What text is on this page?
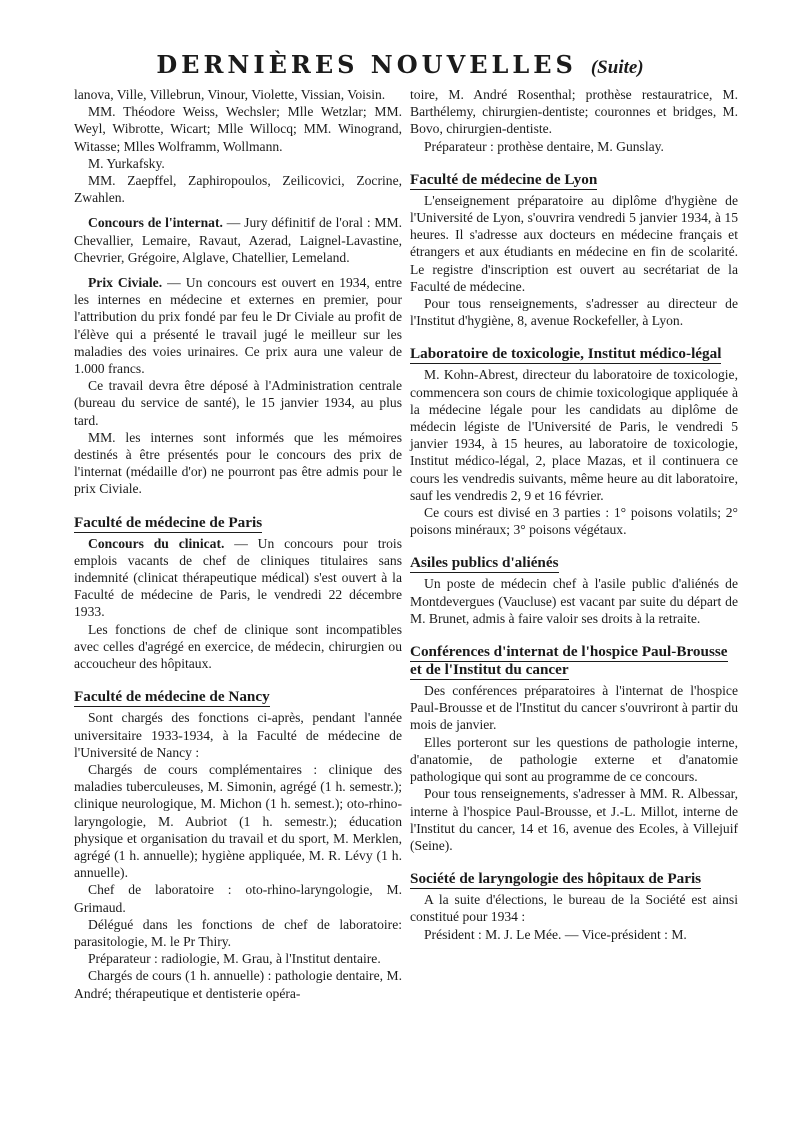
DERNIÈRES NOUVELLES (Suite)

lanova, Ville, Villebrun, Vinour, Violette, Vissian, Voisin.

MM. Théodore Weiss, Wechsler; Mlle Wetzlar; MM. Weyl, Wibrotte, Wicart; Mlle Willocq; MM. Winogrand, Witasse; Mlles Wolframm, Wollmann.

M. Yurkafsky.

MM. Zaepffel, Zaphiropoulos, Zeilicovici, Zocrine, Zwahlen.

Concours de l'internat. — Jury définitif de l'oral : MM. Chevallier, Lemaire, Ravaut, Azerad, Laignel-Lavastine, Chevrier, Grégoire, Alglave, Chatellier, Lemeland.

Prix Civiale. — Un concours est ouvert en 1934, entre les internes en médecine et externes en premier, pour l'attribution du prix fondé par feu le Dr Civiale au profit de l'élève qui a présenté le travail jugé le meilleur sur les maladies des voies urinaires. Ce prix aura une valeur de 1.000 francs.

Ce travail devra être déposé à l'Administration centrale (bureau du service de santé), le 15 janvier 1934, au plus tard.

MM. les internes sont informés que les mémoires destinés à être présentés pour le concours des prix de l'internat (médaille d'or) ne pourront pas être admis pour le prix Civiale.

Faculté de médecine de Paris

Concours du clinicat. — Un concours pour trois emplois vacants de chef de cliniques titulaires sans indemnité (clinicat thérapeutique médical) s'est ouvert à la Faculté de médecine de Paris, le vendredi 22 décembre 1933.

Les fonctions de chef de clinique sont incompatibles avec celles d'agrégé en exercice, de médecin, chirurgien ou accoucheur des hôpitaux.

Faculté de médecine de Nancy

Sont chargés des fonctions ci-après, pendant l'année universitaire 1933-1934, à la Faculté de médecine de l'Université de Nancy :

Chargés de cours complémentaires : clinique des maladies tuberculeuses, M. Simonin, agrégé (1 h. semestr.); clinique neurologique, M. Michon (1 h. semest.); oto-rhino-laryngologie, M. Aubriot (1 h. semestr.); éducation physique et organisation du travail et du sport, M. Merklen, agrégé (1 h. annuelle); hygiène appliquée, M. R. Lévy (1 h. annuelle).

Chef de laboratoire : oto-rhino-laryngologie, M. Grimaud.

Délégué dans les fonctions de chef de laboratoire: parasitologie, M. le Pr Thiry.

Préparateur : radiologie, M. Grau, à l'Institut dentaire.

Chargés de cours (1 h. annuelle) : pathologie dentaire, M. André; thérapeutique et dentisterie opéra-

toire, M. André Rosenthal; prothèse restauratrice, M. Barthélemy, chirurgien-dentiste; couronnes et bridges, M. Bovo, chirurgien-dentiste.

Préparateur : prothèse dentaire, M. Gunslay.

Faculté de médecine de Lyon

L'enseignement préparatoire au diplôme d'hygiène de l'Université de Lyon, s'ouvrira vendredi 5 janvier 1934, à 15 heures. Il s'adresse aux docteurs en médecine français et étrangers et aux étudiants en médecine en fin de scolarité. Le registre d'inscription est ouvert au secrétariat de la Faculté de médecine.

Pour tous renseignements, s'adresser au directeur de l'Institut d'hygiène, 8, avenue Rockefeller, à Lyon.

Laboratoire de toxicologie, Institut médico-légal

M. Kohn-Abrest, directeur du laboratoire de toxicologie, commencera son cours de chimie toxicologique appliquée à la médecine légale pour les candidats au diplôme de médecin légiste de l'Université de Paris, le vendredi 5 janvier 1934, à 15 heures, au laboratoire de toxicologie, Institut médico-légal, 2, place Mazas, et il continuera ce cours les vendredis suivants, même heure au dit laboratoire, sauf les vendredis 2, 9 et 16 février.

Ce cours est divisé en 3 parties : 1° poisons volatils; 2° poisons minéraux; 3° poisons végétaux.

Asiles publics d'aliénés

Un poste de médecin chef à l'asile public d'aliénés de Montdevergues (Vaucluse) est vacant par suite du départ de M. Brunet, admis à faire valoir ses droits à la retraite.

Conférences d'internat de l'hospice Paul-Brousse et de l'Institut du cancer

Des conférences préparatoires à l'internat de l'hospice Paul-Brousse et de l'Institut du cancer s'ouvriront à partir du mois de janvier.

Elles porteront sur les questions de pathologie interne, d'anatomie, de pathologie externe et d'anatomie pathologique qui sont au programme de ce concours.

Pour tous renseignements, s'adresser à MM. R. Albessar, interne à l'hospice Paul-Brousse, et J.-L. Millot, interne de l'Institut du cancer, 14 et 16, avenue des Ecoles, à Villejuif (Seine).

Société de laryngologie des hôpitaux de Paris

A la suite d'élections, le bureau de la Société est ainsi constitué pour 1934 :

Président : M. J. Le Mée. — Vice-président : M.
